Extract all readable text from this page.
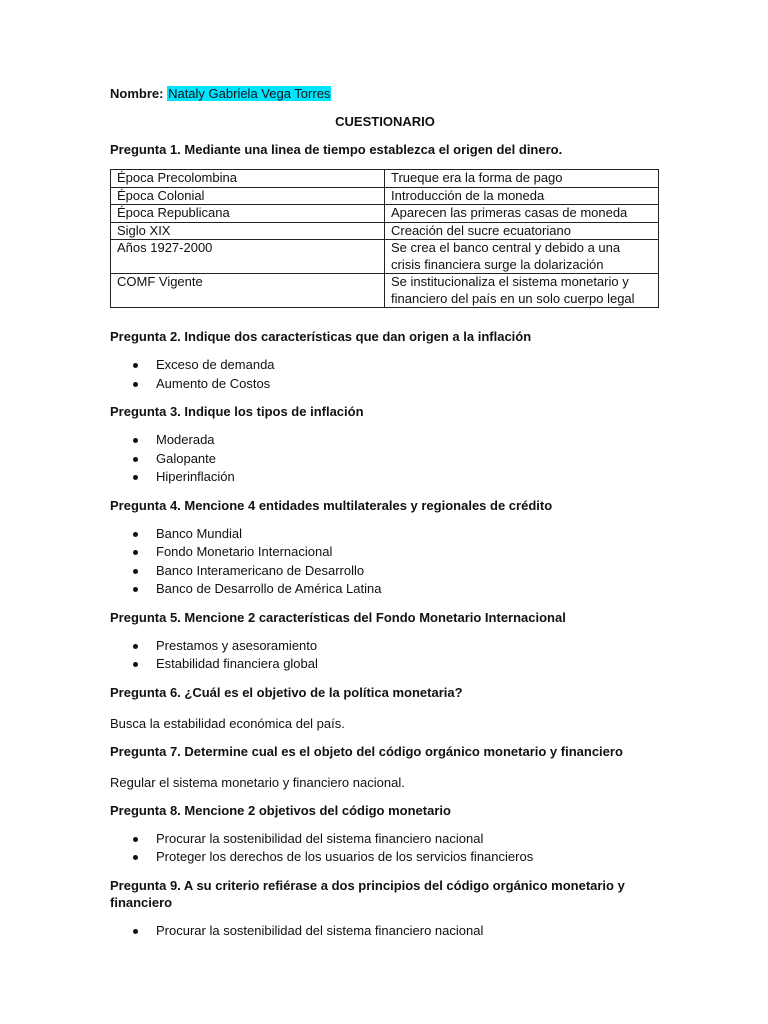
Nombre: Nataly Gabriela Vega Torres

CUESTIONARIO

Pregunta 1. Mediante una linea de tiempo establezca el origen del dinero.

Época Precolombina	Trueque era la forma de pago
Época Colonial	Introducción de la moneda
Época Republicana	Aparecen las primeras casas de moneda
Siglo XIX	Creación del sucre ecuatoriano
Años 1927-2000	Se crea el banco central y debido a una crisis financiera surge la dolarización
COMF Vigente	Se institucionaliza el sistema monetario y financiero del país en un solo cuerpo legal

Pregunta 2. Indique dos características que dan origen a la inflación

Exceso de demanda
Aumento de Costos

Pregunta 3. Indique los tipos de inflación

Moderada
Galopante
Hiperinflación

Pregunta 4. Mencione 4 entidades multilaterales y regionales de crédito

Banco Mundial
Fondo Monetario Internacional
Banco Interamericano de Desarrollo
Banco de Desarrollo de América Latina

Pregunta 5. Mencione 2 características del Fondo Monetario Internacional

Prestamos y asesoramiento
Estabilidad financiera global

Pregunta 6. ¿Cuál es el objetivo de la política monetaria?

Busca la estabilidad económica del país.

Pregunta 7. Determine cual es el objeto del código orgánico monetario y financiero

Regular el sistema monetario y financiero nacional.

Pregunta 8. Mencione 2 objetivos del código monetario

Procurar la sostenibilidad del sistema financiero nacional
Proteger los derechos de los usuarios de los servicios financieros

Pregunta 9. A su criterio refiérase a dos principios del código orgánico monetario y financiero

Procurar la sostenibilidad del sistema financiero nacional
